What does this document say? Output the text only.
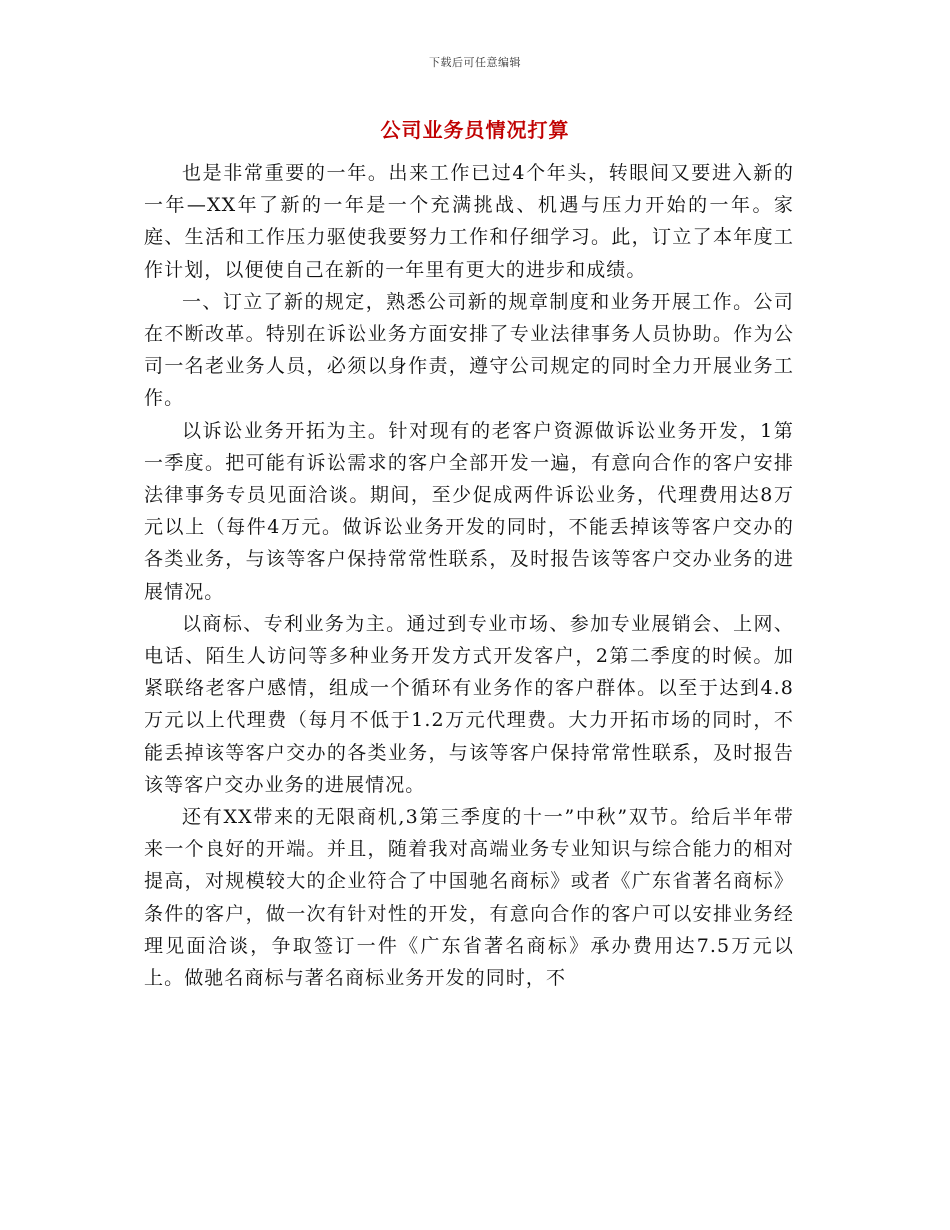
下载后可任意编辑
公司业务员情况打算

也是非常重要的一年。出来工作已过4个年头，转眼间又要进入新的一年—XX年了新的一年是一个充满挑战、机遇与压力开始的一年。家庭、生活和工作压力驱使我要努力工作和仔细学习。此，订立了本年度工作计划，以便使自己在新的一年里有更大的进步和成绩。

一、订立了新的规定，熟悉公司新的规章制度和业务开展工作。公司在不断改革。特别在诉讼业务方面安排了专业法律事务人员协助。作为公司一名老业务人员，必须以身作责，遵守公司规定的同时全力开展业务工作。

以诉讼业务开拓为主。针对现有的老客户资源做诉讼业务开发，1第一季度。把可能有诉讼需求的客户全部开发一遍，有意向合作的客户安排法律事务专员见面洽谈。期间，至少促成两件诉讼业务，代理费用达8万元以上（每件4万元。做诉讼业务开发的同时，不能丢掉该等客户交办的各类业务，与该等客户保持常常性联系，及时报告该等客户交办业务的进展情况。

以商标、专利业务为主。通过到专业市场、参加专业展销会、上网、电话、陌生人访问等多种业务开发方式开发客户，2第二季度的时候。加紧联络老客户感情，组成一个循环有业务作的客户群体。以至于达到4.8万元以上代理费（每月不低于1.2万元代理费。大力开拓市场的同时，不能丢掉该等客户交办的各类业务，与该等客户保持常常性联系，及时报告该等客户交办业务的进展情况。

还有XX带来的无限商机,3第三季度的十一”中秋”双节。给后半年带来一个良好的开端。并且，随着我对高端业务专业知识与综合能力的相对提高，对规模较大的企业符合了中国驰名商标》或者《广东省著名商标》条件的客户，做一次有针对性的开发，有意向合作的客户可以安排业务经理见面洽谈，争取签订一件《广东省著名商标》承办费用达7.5万元以上。做驰名商标与著名商标业务开发的同时，不
